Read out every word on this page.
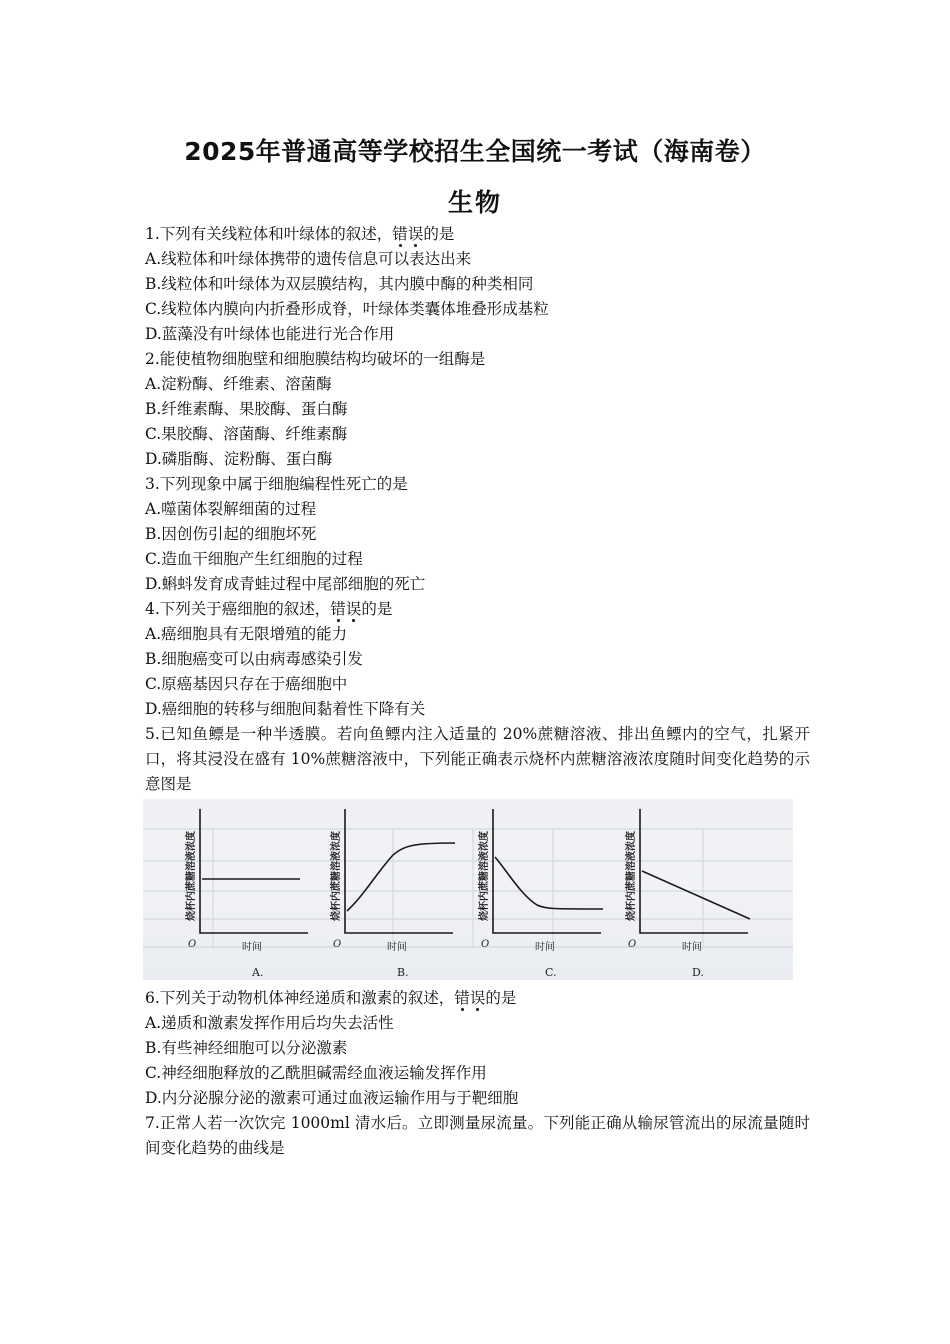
2025年普通高等学校招生全国统一考试（海南卷）
生物
1.下列有关线粒体和叶绿体的叙述，错误的是
A.线粒体和叶绿体携带的遗传信息可以表达出来
B.线粒体和叶绿体为双层膜结构，其内膜中酶的种类相同
C.线粒体内膜向内折叠形成脊，叶绿体类囊体堆叠形成基粒
D.蓝藻没有叶绿体也能进行光合作用
2.能使植物细胞壁和细胞膜结构均破坏的一组酶是
A.淀粉酶、纤维素、溶菌酶
B.纤维素酶、果胶酶、蛋白酶
C.果胶酶、溶菌酶、纤维素酶
D.磷脂酶、淀粉酶、蛋白酶
3.下列现象中属于细胞编程性死亡的是
A.噬菌体裂解细菌的过程
B.因创伤引起的细胞坏死
C.造血干细胞产生红细胞的过程
D.蝌蚪发育成青蛙过程中尾部细胞的死亡
4.下列关于癌细胞的叙述，错误的是
A.癌细胞具有无限增殖的能力
B.细胞癌变可以由病毒感染引发
C.原癌基因只存在于癌细胞中
D.癌细胞的转移与细胞间黏着性下降有关
5.已知鱼鳔是一种半透膜。若向鱼鳔内注入适量的 20%蔗糖溶液、排出鱼鳔内的空气，扎紧开口，将其浸没在盛有 10%蔗糖溶液中，下列能正确表示烧杯内蔗糖溶液浓度随时间变化趋势的示意图是
烧杯内蔗糖溶液浓度
O	时间
A.
烧杯内蔗糖溶液浓度
O	时间
B.
烧杯内蔗糖溶液浓度
O	时间
C.
烧杯内蔗糖溶液浓度
O	时间
D.
6.下列关于动物机体神经递质和激素的叙述，错误的是
A.递质和激素发挥作用后均失去活性
B.有些神经细胞可以分泌激素
C.神经细胞释放的乙酰胆碱需经血液运输发挥作用
D.内分泌腺分泌的激素可通过血液运输作用与于靶细胞
7.正常人若一次饮完 1000ml 清水后。立即测量尿流量。下列能正确从输尿管流出的尿流量随时间变化趋势的曲线是
